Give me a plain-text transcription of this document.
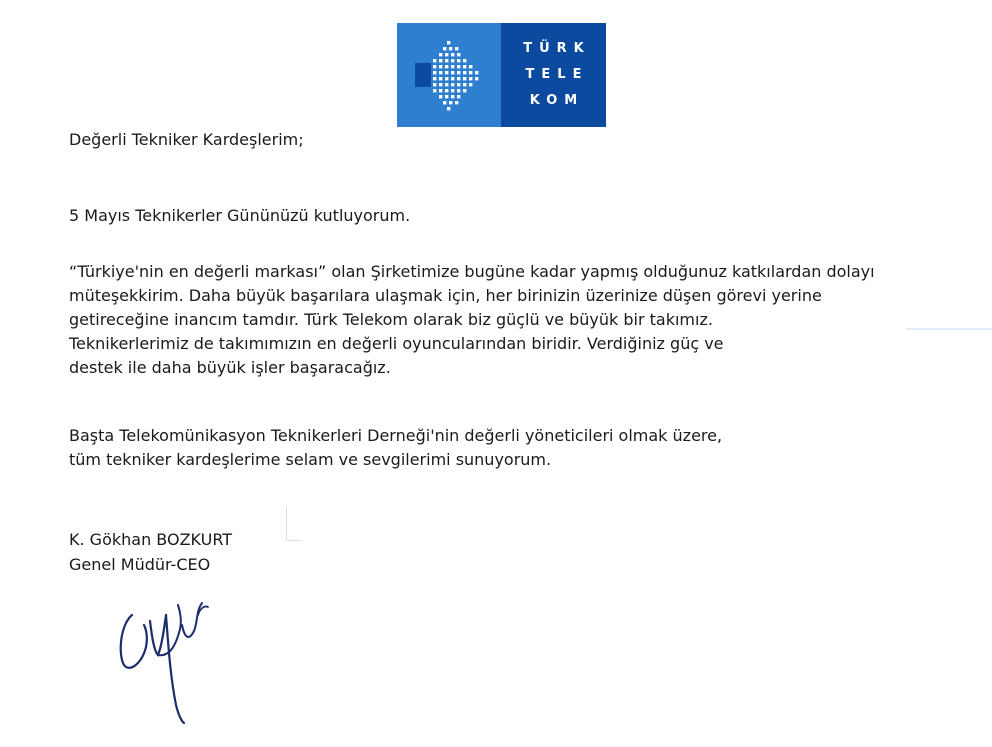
TÜRK
TELE
KOM
Değerli Tekniker Kardeşlerim;
5 Mayıs Teknikerler Gününüzü kutluyorum.
“Türkiye'nin en değerli markası” olan Şirketimize bugüne kadar yapmış olduğunuz katkılardan dolayı
müteşekkirim. Daha büyük başarılara ulaşmak için, her birinizin üzerinize düşen görevi yerine
getireceğine inancım tamdır. Türk Telekom olarak biz güçlü ve büyük bir takımız.
Teknikerlerimiz de takımımızın en değerli oyuncularından biridir. Verdiğiniz güç ve
destek ile daha büyük işler başaracağız.
Başta Telekomünikasyon Teknikerleri Derneği'nin değerli yöneticileri olmak üzere,
tüm tekniker kardeşlerime selam ve sevgilerimi sunuyorum.
K. Gökhan BOZKURT
Genel Müdür-CEO
